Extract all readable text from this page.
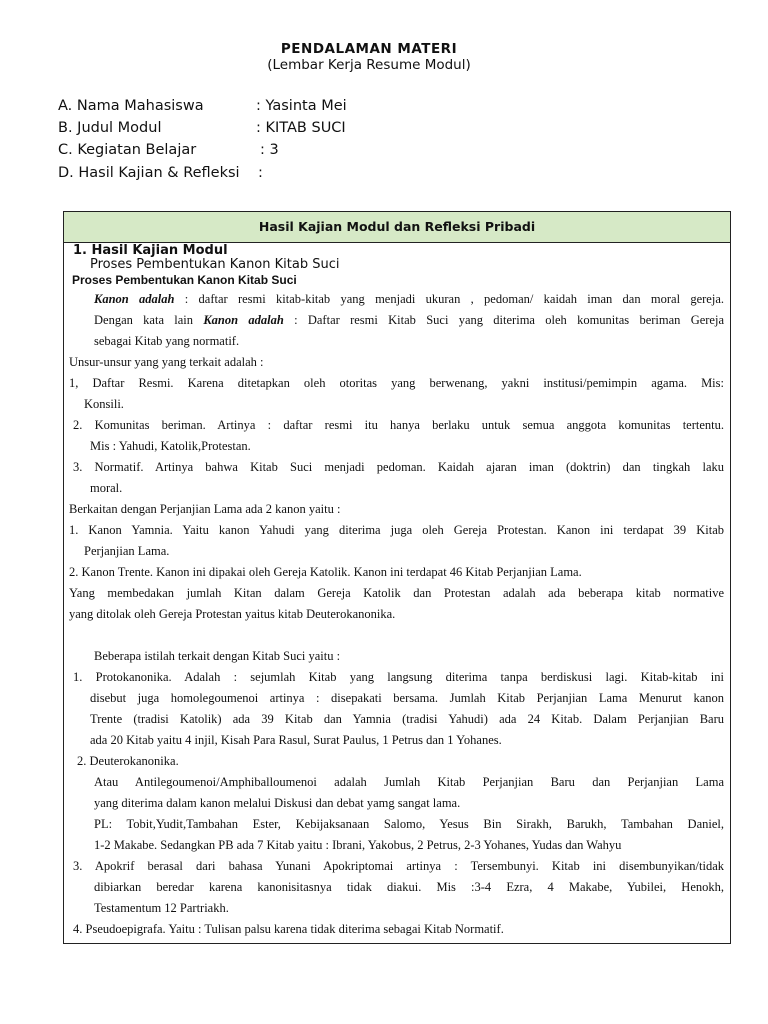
PENDALAMAN MATERI
(Lembar Kerja Resume Modul)
A. Nama Mahasiswa	: Yasinta Mei
B. Judul Modul	: KITAB SUCI
C. Kegiatan Belajar	: 3
D. Hasil Kajian & Refleksi :
Hasil Kajian Modul dan Refleksi Pribadi
1. Hasil Kajian Modul
Proses Pembentukan Kanon Kitab Suci
Proses Pembentukan Kanon Kitab Suci
Kanon adalah : daftar resmi kitab-kitab yang menjadi ukuran , pedoman/ kaidah iman dan moral gereja.
Dengan kata lain Kanon adalah : Daftar resmi Kitab Suci yang diterima oleh komunitas beriman Gereja
sebagai Kitab yang normatif.
Unsur-unsur yang yang terkait adalah :
1, Daftar Resmi. Karena ditetapkan oleh otoritas yang berwenang, yakni institusi/pemimpin agama. Mis:
Konsili.
2. Komunitas beriman. Artinya : daftar resmi itu hanya berlaku untuk semua anggota komunitas tertentu.
Mis : Yahudi, Katolik,Protestan.
3. Normatif. Artinya bahwa Kitab Suci menjadi pedoman. Kaidah ajaran iman (doktrin) dan tingkah laku
moral.
Berkaitan dengan Perjanjian Lama ada 2 kanon yaitu :
1. Kanon Yamnia. Yaitu kanon Yahudi yang diterima juga oleh Gereja Protestan. Kanon ini terdapat 39 Kitab
Perjanjian Lama.
2. Kanon Trente. Kanon ini dipakai oleh Gereja Katolik. Kanon ini terdapat 46 Kitab Perjanjian Lama.
Yang membedakan jumlah Kitan dalam Gereja Katolik dan Protestan adalah ada beberapa kitab normative
yang ditolak oleh Gereja Protestan yaitus kitab Deuterokanonika.
Beberapa istilah terkait dengan Kitab Suci yaitu :
1. Protokanonika. Adalah : sejumlah Kitab yang langsung diterima tanpa berdiskusi lagi. Kitab-kitab ini
disebut juga homolegoumenoi artinya : disepakati bersama. Jumlah Kitab Perjanjian Lama Menurut kanon
Trente (tradisi Katolik) ada 39 Kitab dan Yamnia (tradisi Yahudi) ada 24 Kitab. Dalam Perjanjian Baru
ada 20 Kitab yaitu 4 injil, Kisah Para Rasul, Surat Paulus, 1 Petrus dan 1 Yohanes.
2. Deuterokanonika.
Atau Antilegoumenoi/Amphiballoumenoi adalah Jumlah Kitab Perjanjian Baru dan Perjanjian Lama
yang diterima dalam kanon melalui Diskusi dan debat yamg sangat lama.
PL: Tobit,Yudit,Tambahan Ester, Kebijaksanaan Salomo, Yesus Bin Sirakh, Barukh, Tambahan Daniel,
1-2 Makabe. Sedangkan PB ada 7 Kitab yaitu : Ibrani, Yakobus, 2 Petrus, 2-3 Yohanes, Yudas dan Wahyu
3. Apokrif berasal dari bahasa Yunani Apokriptomai artinya : Tersembunyi. Kitab ini disembunyikan/tidak
dibiarkan beredar karena kanonisitasnya tidak diakui. Mis :3-4 Ezra, 4 Makabe, Yubilei, Henokh,
Testamentum 12 Partriakh.
4. Pseudoepigrafa. Yaitu : Tulisan palsu karena tidak diterima sebagai Kitab Normatif.
